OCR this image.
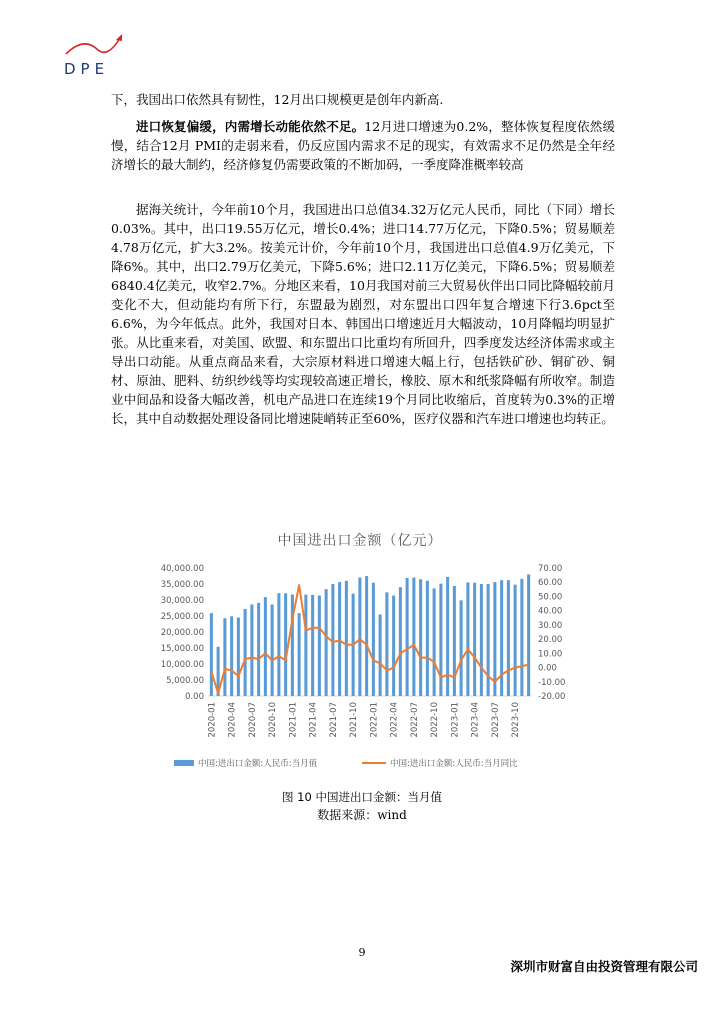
DPE

下，我国出口依然具有韧性，12月出口规模更是创年内新高.

进口恢复偏缓，内需增长动能依然不足。12月进口增速为0.2%，整体恢复程度依然缓慢，结合12月 PMI的走弱来看，仍反应国内需求不足的现实，有效需求不足仍然是全年经济增长的最大制约，经济修复仍需要政策的不断加码，一季度降准概率较高

据海关统计，今年前10个月，我国进出口总值34.32万亿元人民币，同比（下同）增长0.03%。其中，出口19.55万亿元，增长0.4%；进口14.77万亿元，下降0.5%；贸易顺差4.78万亿元，扩大3.2%。按美元计价，今年前10个月，我国进出口总值4.9万亿美元，下降6%。其中，出口2.79万亿美元，下降5.6%；进口2.11万亿美元，下降6.5%；贸易顺差6840.4亿美元，收窄2.7%。分地区来看，10月我国对前三大贸易伙伴出口同比降幅较前月变化不大，但动能均有所下行，东盟最为剧烈，对东盟出口四年复合增速下行3.6pct至6.6%，为今年低点。此外，我国对日本、韩国出口增速近月大幅波动，10月降幅均明显扩张。从比重来看，对美国、欧盟、和东盟出口比重均有所回升，四季度发达经济体需求或主导出口动能。从重点商品来看，大宗原材料进口增速大幅上行，包括铁矿砂、铜矿砂、铜材、原油、肥料、纺织纱线等均实现较高速正增长，橡胶、原木和纸浆降幅有所收窄。制造业中间品和设备大幅改善，机电产品进口在连续19个月同比收缩后，首度转为0.3%的正增长，其中自动数据处理设备同比增速陡峭转正至60%，医疗仪器和汽车进口增速也均转正。

中国进出口金额（亿元）
0.00
5,000.00
10,000.00
15,000.00
20,000.00
25,000.00
30,000.00
35,000.00
40,000.00
-20.00
-10.00
0.00
10.00
20.00
30.00
40.00
50.00
60.00
70.00
2020-01 2020-04 2020-07 2020-10 2021-01 2021-04 2021-07 2021-10 2022-01 2022-04 2022-07 2022-10 2023-01 2023-04 2023-07 2023-10
中国:进出口金额:人民币:当月值	中国:进出口金额:人民币:当月同比
图 10 中国进出口金额：当月值
数据来源：wind
9
深圳市财富自由投资管理有限公司
